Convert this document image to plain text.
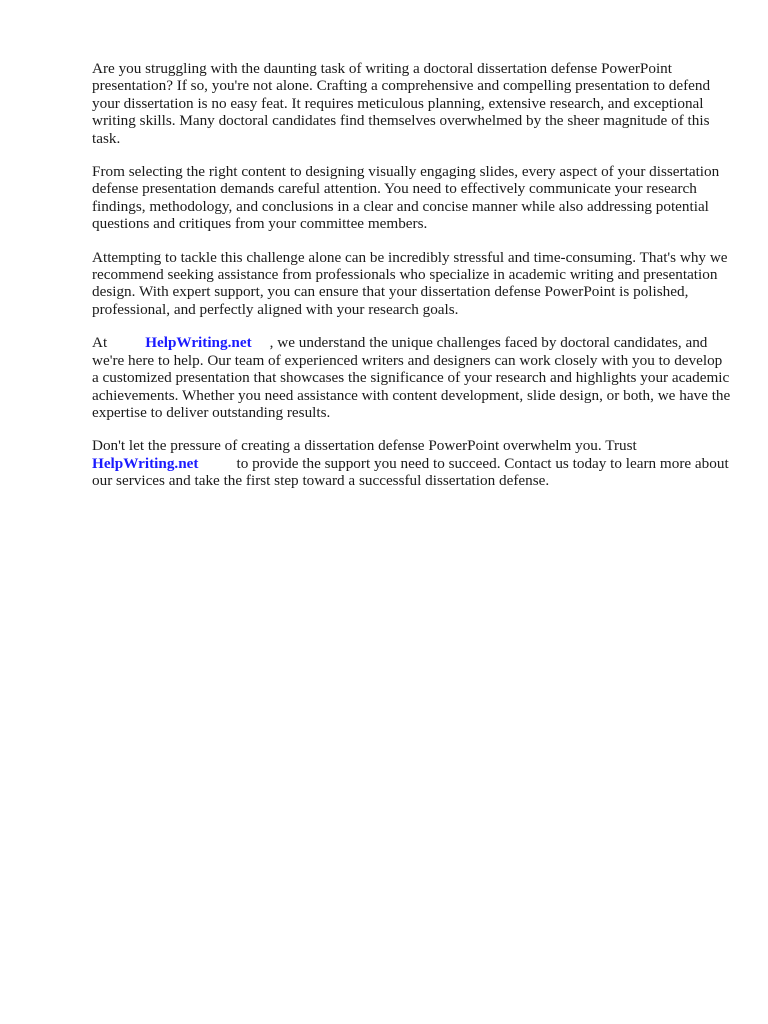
Are you struggling with the daunting task of writing a doctoral dissertation defense PowerPoint presentation? If so, you're not alone. Crafting a comprehensive and compelling presentation to defend your dissertation is no easy feat. It requires meticulous planning, extensive research, and exceptional writing skills. Many doctoral candidates find themselves overwhelmed by the sheer magnitude of this task.

From selecting the right content to designing visually engaging slides, every aspect of your dissertation defense presentation demands careful attention. You need to effectively communicate your research findings, methodology, and conclusions in a clear and concise manner while also addressing potential questions and critiques from your committee members.

Attempting to tackle this challenge alone can be incredibly stressful and time-consuming. That's why we recommend seeking assistance from professionals who specialize in academic writing and presentation design. With expert support, you can ensure that your dissertation defense PowerPoint is polished, professional, and perfectly aligned with your research goals.

At	HelpWriting.net , we understand the unique challenges faced by doctoral candidates, and we're here to help. Our team of experienced writers and designers can work closely with you to develop a customized presentation that showcases the significance of your research and highlights your academic achievements. Whether you need assistance with content development, slide design, or both, we have the expertise to deliver outstanding results.

Don't let the pressure of creating a dissertation defense PowerPoint overwhelm you. Trust
HelpWriting.net	to provide the support you need to succeed. Contact us today to learn more about our services and take the first step toward a successful dissertation defense.
